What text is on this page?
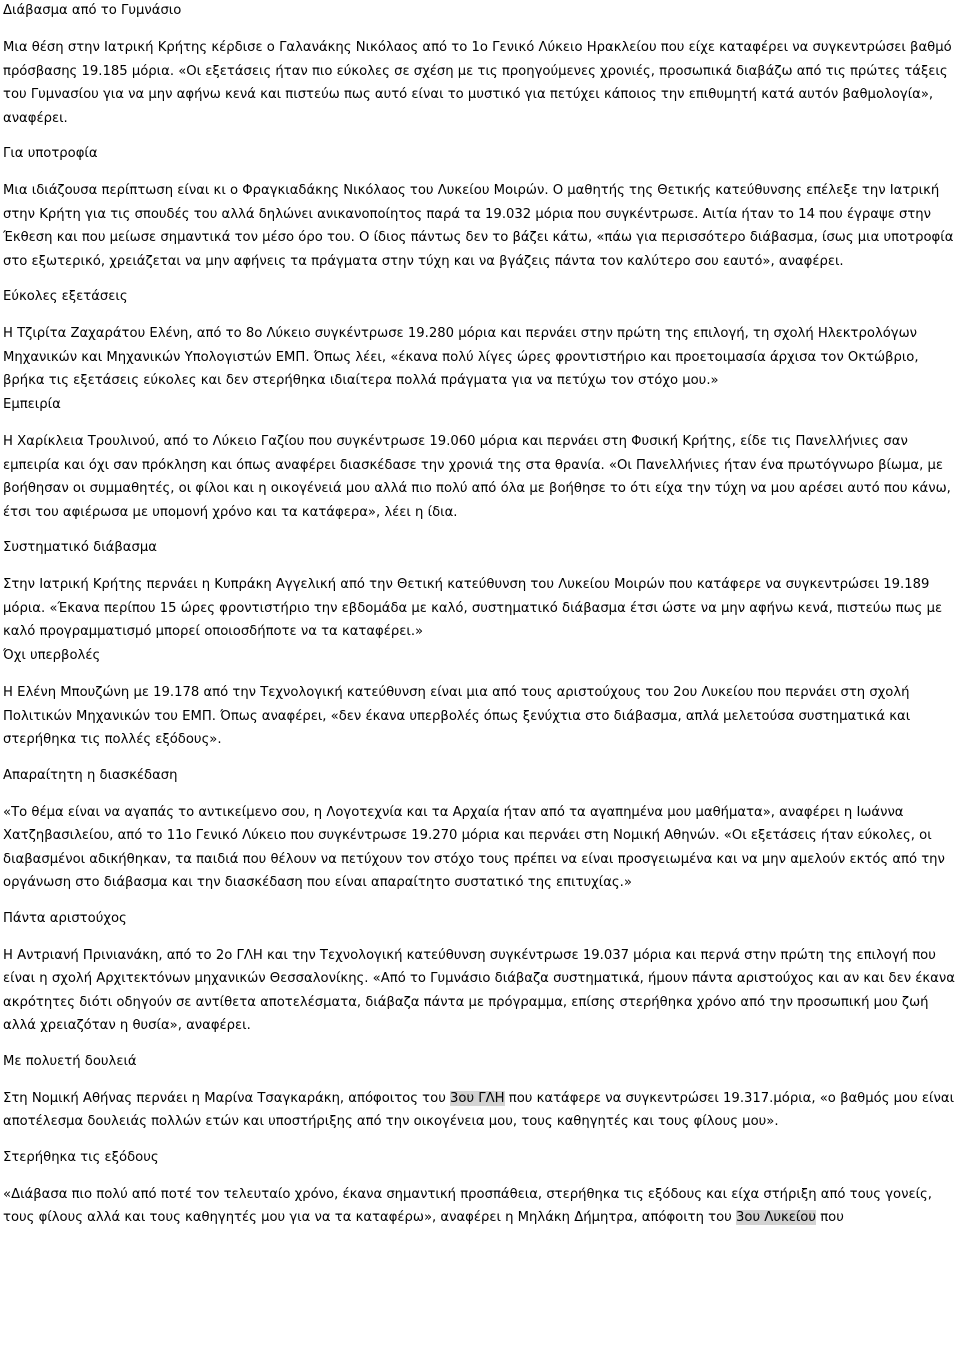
Διάβασμα από το Γυμνάσιο

Μια θέση στην Ιατρική Κρήτης κέρδισε ο Γαλανάκης Νικόλαος από το 1ο Γενικό Λύκειο Ηρακλείου που είχε καταφέρει να συγκεντρώσει βαθμό πρόσβασης 19.185 μόρια. «Οι εξετάσεις ήταν πιο εύκολες σε σχέση με τις προηγούμενες χρονιές, προσωπικά διαβάζω από τις πρώτες τάξεις του Γυμνασίου για να μην αφήνω κενά και πιστεύω πως αυτό είναι το μυστικό για πετύχει κάποιος την επιθυμητή κατά αυτόν βαθμολογία», αναφέρει.

Για υποτροφία

Μια ιδιάζουσα περίπτωση είναι κι ο Φραγκιαδάκης Νικόλαος του Λυκείου Μοιρών. Ο μαθητής της Θετικής κατεύθυνσης επέλεξε την Ιατρική στην Κρήτη για τις σπουδές του αλλά δηλώνει ανικανοποίητος παρά τα 19.032 μόρια που συγκέντρωσε. Αιτία ήταν το 14 που έγραψε στην Έκθεση και που μείωσε σημαντικά τον μέσο όρο του. Ο ίδιος πάντως δεν το βάζει κάτω, «πάω για περισσότερο διάβασμα, ίσως μια υποτροφία στο εξωτερικό, χρειάζεται να μην αφήνεις τα πράγματα στην τύχη και να βγάζεις πάντα τον καλύτερο σου εαυτό», αναφέρει.

Εύκολες εξετάσεις

Η Τζιρίτα Ζαχαράτου Ελένη, από το 8ο Λύκειο συγκέντρωσε 19.280 μόρια και περνάει στην πρώτη της επιλογή, τη σχολή Ηλεκτρολόγων Μηχανικών και Μηχανικών Υπολογιστών ΕΜΠ. Όπως λέει, «έκανα πολύ λίγες ώρες φροντιστήριο και προετοιμασία άρχισα τον Οκτώβριο, βρήκα τις εξετάσεις εύκολες και δεν στερήθηκα ιδιαίτερα πολλά πράγματα για να πετύχω τον στόχο μου.»

Εμπειρία

Η Χαρίκλεια Τρουλινού, από το Λύκειο Γαζίου που συγκέντρωσε 19.060 μόρια και περνάει στη Φυσική Κρήτης, είδε τις Πανελλήνιες σαν εμπειρία και όχι σαν πρόκληση και όπως αναφέρει διασκέδασε την χρονιά της στα θρανία. «Οι Πανελλήνιες ήταν ένα πρωτόγνωρο βίωμα, με βοήθησαν οι συμμαθητές, οι φίλοι και η οικογένειά μου αλλά πιο πολύ από όλα με βοήθησε το ότι είχα την τύχη να μου αρέσει αυτό που κάνω, έτσι του αφιέρωσα με υπομονή χρόνο και τα κατάφερα», λέει η ίδια.

Συστηματικό διάβασμα

Στην Ιατρική Κρήτης περνάει η Κυπράκη Αγγελική από την Θετική κατεύθυνση του Λυκείου Μοιρών που κατάφερε να συγκεντρώσει 19.189 μόρια. «Έκανα περίπου 15 ώρες φροντιστήριο την εβδομάδα με καλό, συστηματικό διάβασμα έτσι ώστε να μην αφήνω κενά, πιστεύω πως με καλό προγραμματισμό μπορεί οποιοσδήποτε να τα καταφέρει.»

Όχι υπερβολές

Η Ελένη Μπουζώνη με 19.178 από την Τεχνολογική κατεύθυνση είναι μια από τους αριστούχους του 2ου Λυκείου που περνάει στη σχολή Πολιτικών Μηχανικών του ΕΜΠ. Όπως αναφέρει, «δεν έκανα υπερβολές όπως ξενύχτια στο διάβασμα, απλά μελετούσα συστηματικά και στερήθηκα τις πολλές εξόδους».

Απαραίτητη η διασκέδαση

«Το θέμα είναι να αγαπάς το αντικείμενο σου, η Λογοτεχνία και τα Αρχαία ήταν από τα αγαπημένα μου μαθήματα», αναφέρει η Ιωάννα Χατζηβασιλείου, από το 11ο Γενικό Λύκειο που συγκέντρωσε 19.270 μόρια και περνάει στη Νομική Αθηνών. «Οι εξετάσεις ήταν εύκολες, οι διαβασμένοι αδικήθηκαν, τα παιδιά που θέλουν να πετύχουν τον στόχο τους πρέπει να είναι προσγειωμένα και να μην αμελούν εκτός από την οργάνωση στο διάβασμα και την διασκέδαση που είναι απαραίτητο συστατικό της επιτυχίας.»

Πάντα αριστούχος

Η Αντριανή Πρινιανάκη, από το 2ο ΓΛΗ και την Τεχνολογική κατεύθυνση συγκέντρωσε 19.037 μόρια και περνά στην πρώτη της επιλογή που είναι η σχολή Αρχιτεκτόνων μηχανικών Θεσσαλονίκης. «Από το Γυμνάσιο διάβαζα συστηματικά, ήμουν πάντα αριστούχος και αν και δεν έκανα ακρότητες διότι οδηγούν σε αντίθετα αποτελέσματα, διάβαζα πάντα με πρόγραμμα, επίσης στερήθηκα χρόνο από την προσωπική μου ζωή αλλά χρειαζόταν η θυσία», αναφέρει.

Με πολυετή δουλειά

Στη Νομική Αθήνας περνάει η Μαρίνα Τσαγκαράκη, απόφοιτος του 3ου ΓΛΗ που κατάφερε να συγκεντρώσει 19.317.μόρια, «ο βαθμός μου είναι αποτέλεσμα δουλειάς πολλών ετών και υποστήριξης από την οικογένεια μου, τους καθηγητές και τους φίλους μου».

Στερήθηκα τις εξόδους

«Διάβασα πιο πολύ από ποτέ τον τελευταίο χρόνο, έκανα σημαντική προσπάθεια, στερήθηκα τις εξόδους και είχα στήριξη από τους γονείς, τους φίλους αλλά και τους καθηγητές μου για να τα καταφέρω», αναφέρει η Μηλάκη Δήμητρα, απόφοιτη του 3ου Λυκείου που
